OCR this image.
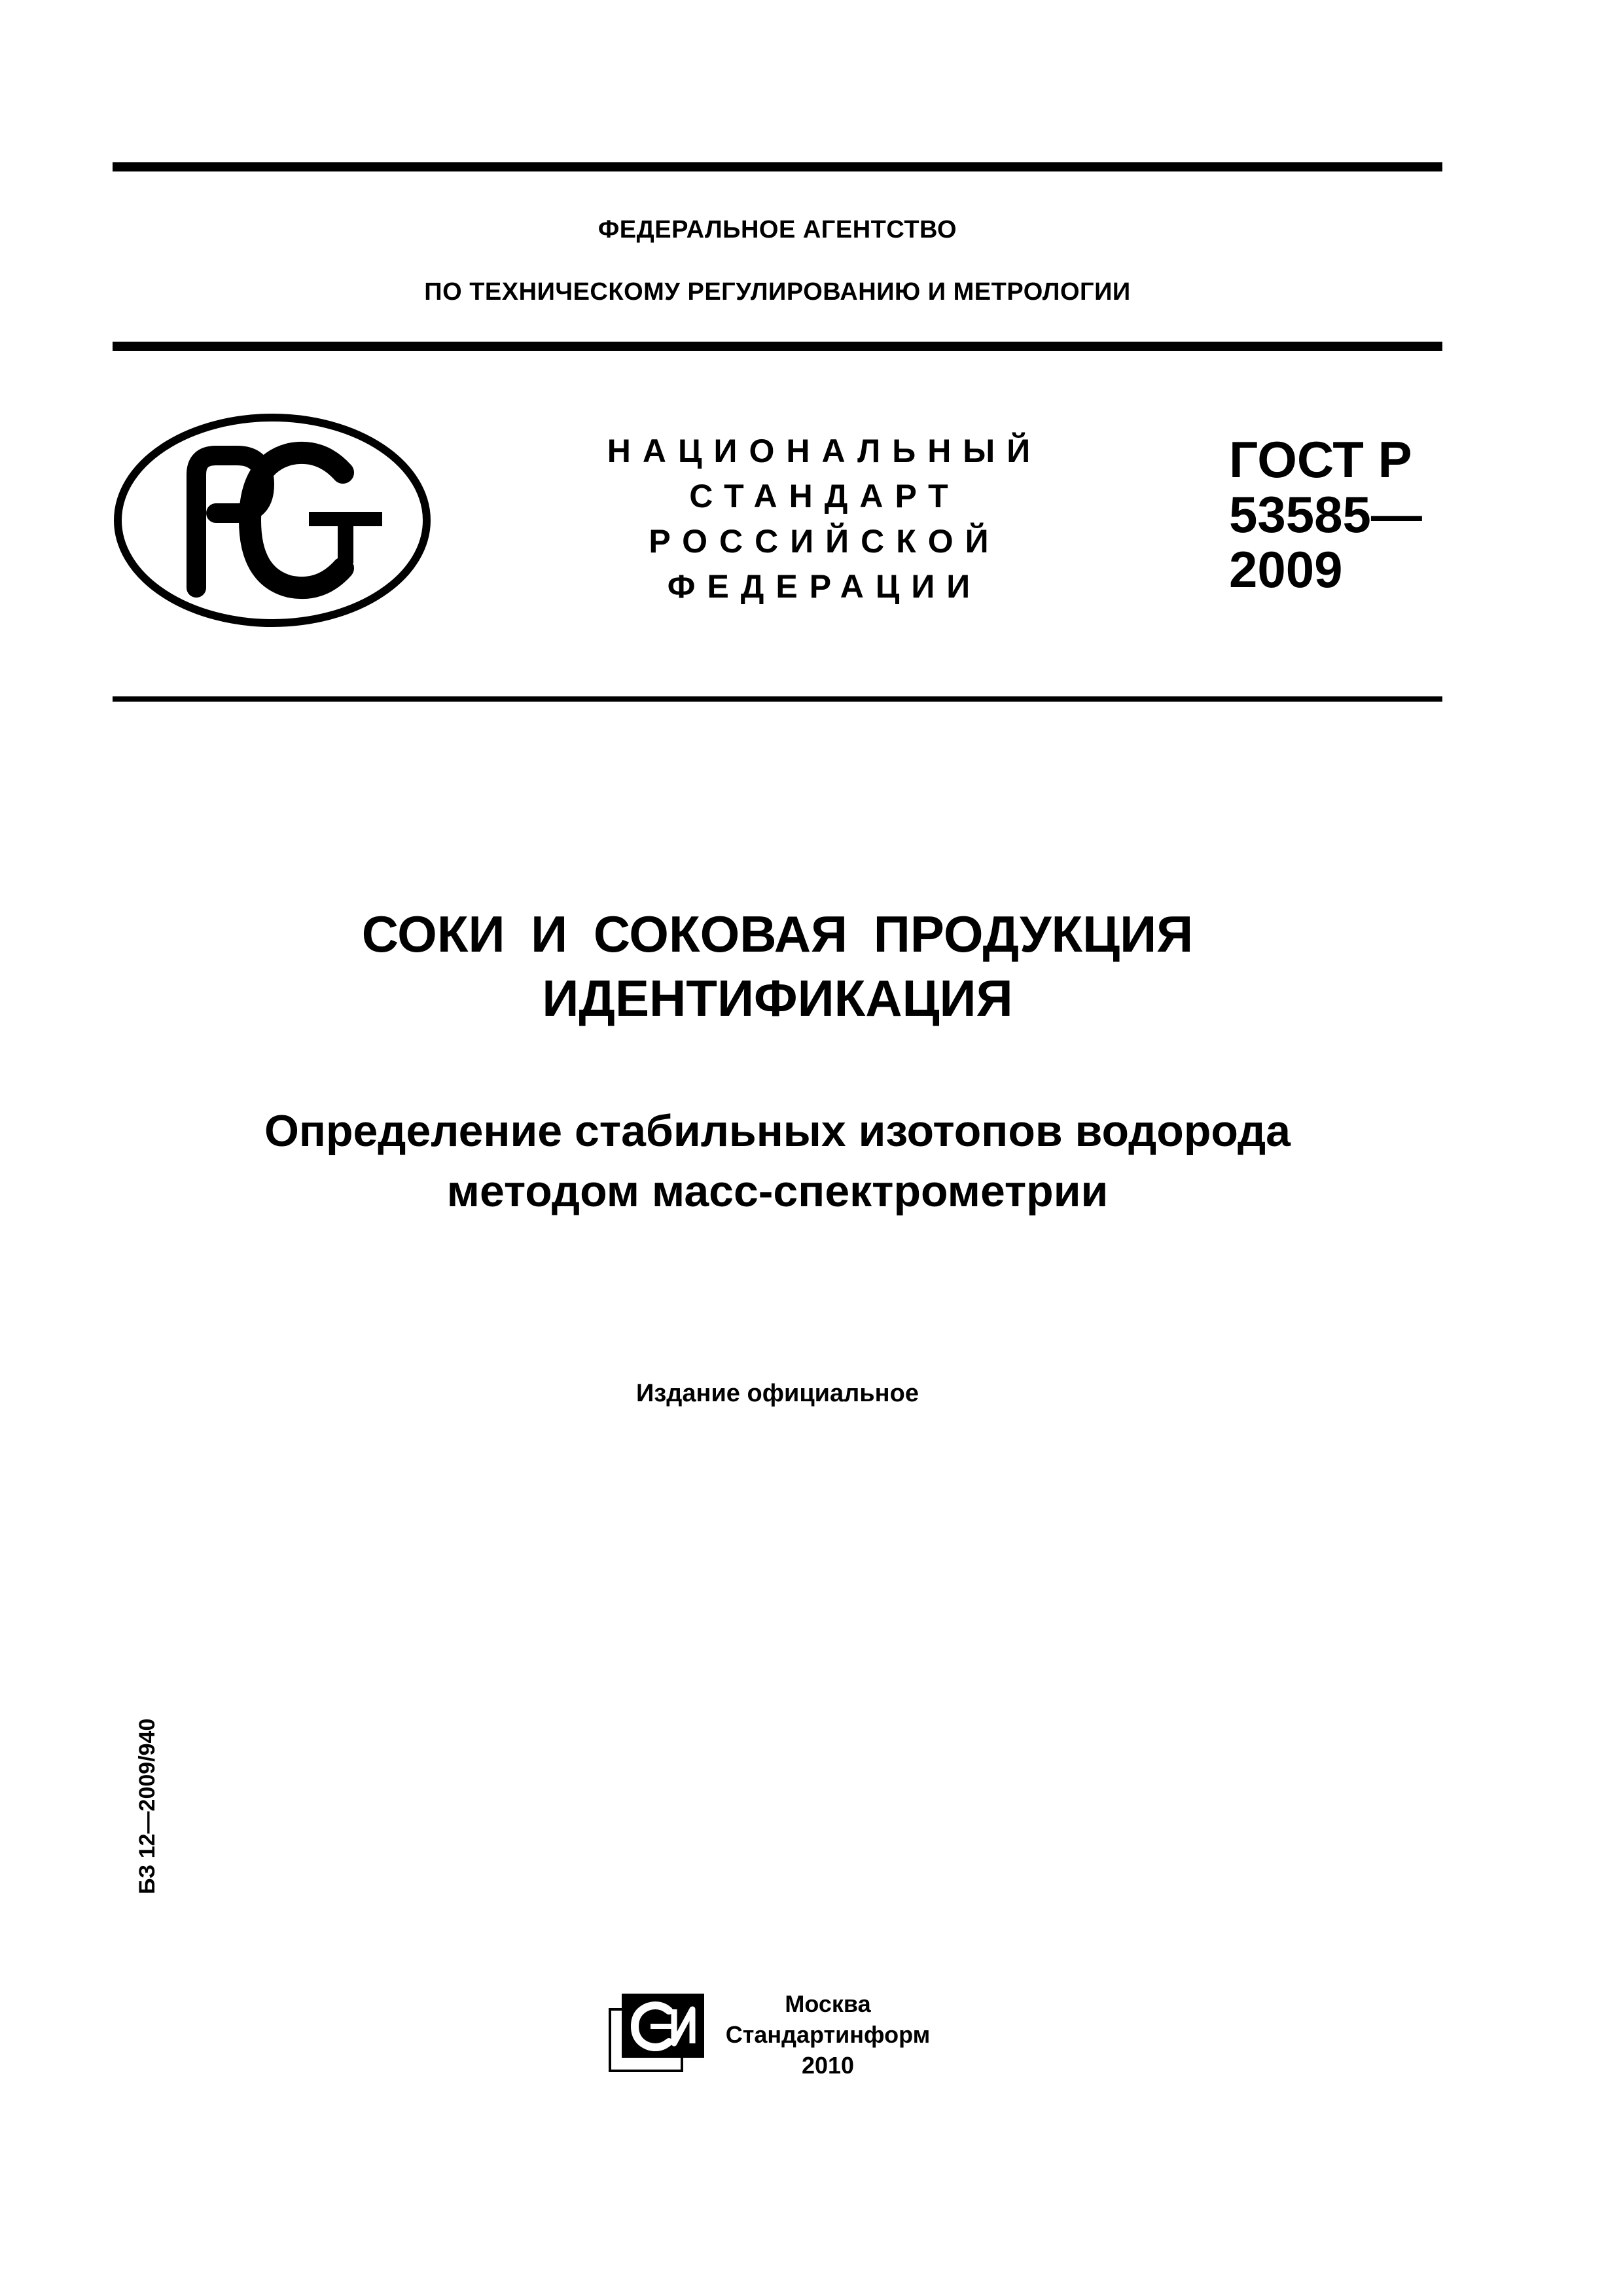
ФЕДЕРАЛЬНОЕ АГЕНТСТВО
ПО ТЕХНИЧЕСКОМУ РЕГУЛИРОВАНИЮ И МЕТРОЛОГИИ
НАЦИОНАЛЬНЫЙ
СТАНДАРТ
РОССИЙСКОЙ
ФЕДЕРАЦИИ
ГОСТ Р
53585—
2009
СОКИ И СОКОВАЯ ПРОДУКЦИЯ
ИДЕНТИФИКАЦИЯ
Определение стабильных изотопов водорода
методом масс-спектрометрии
Издание официальное
БЗ 12—2009/940
Москва
Стандартинформ
2010
